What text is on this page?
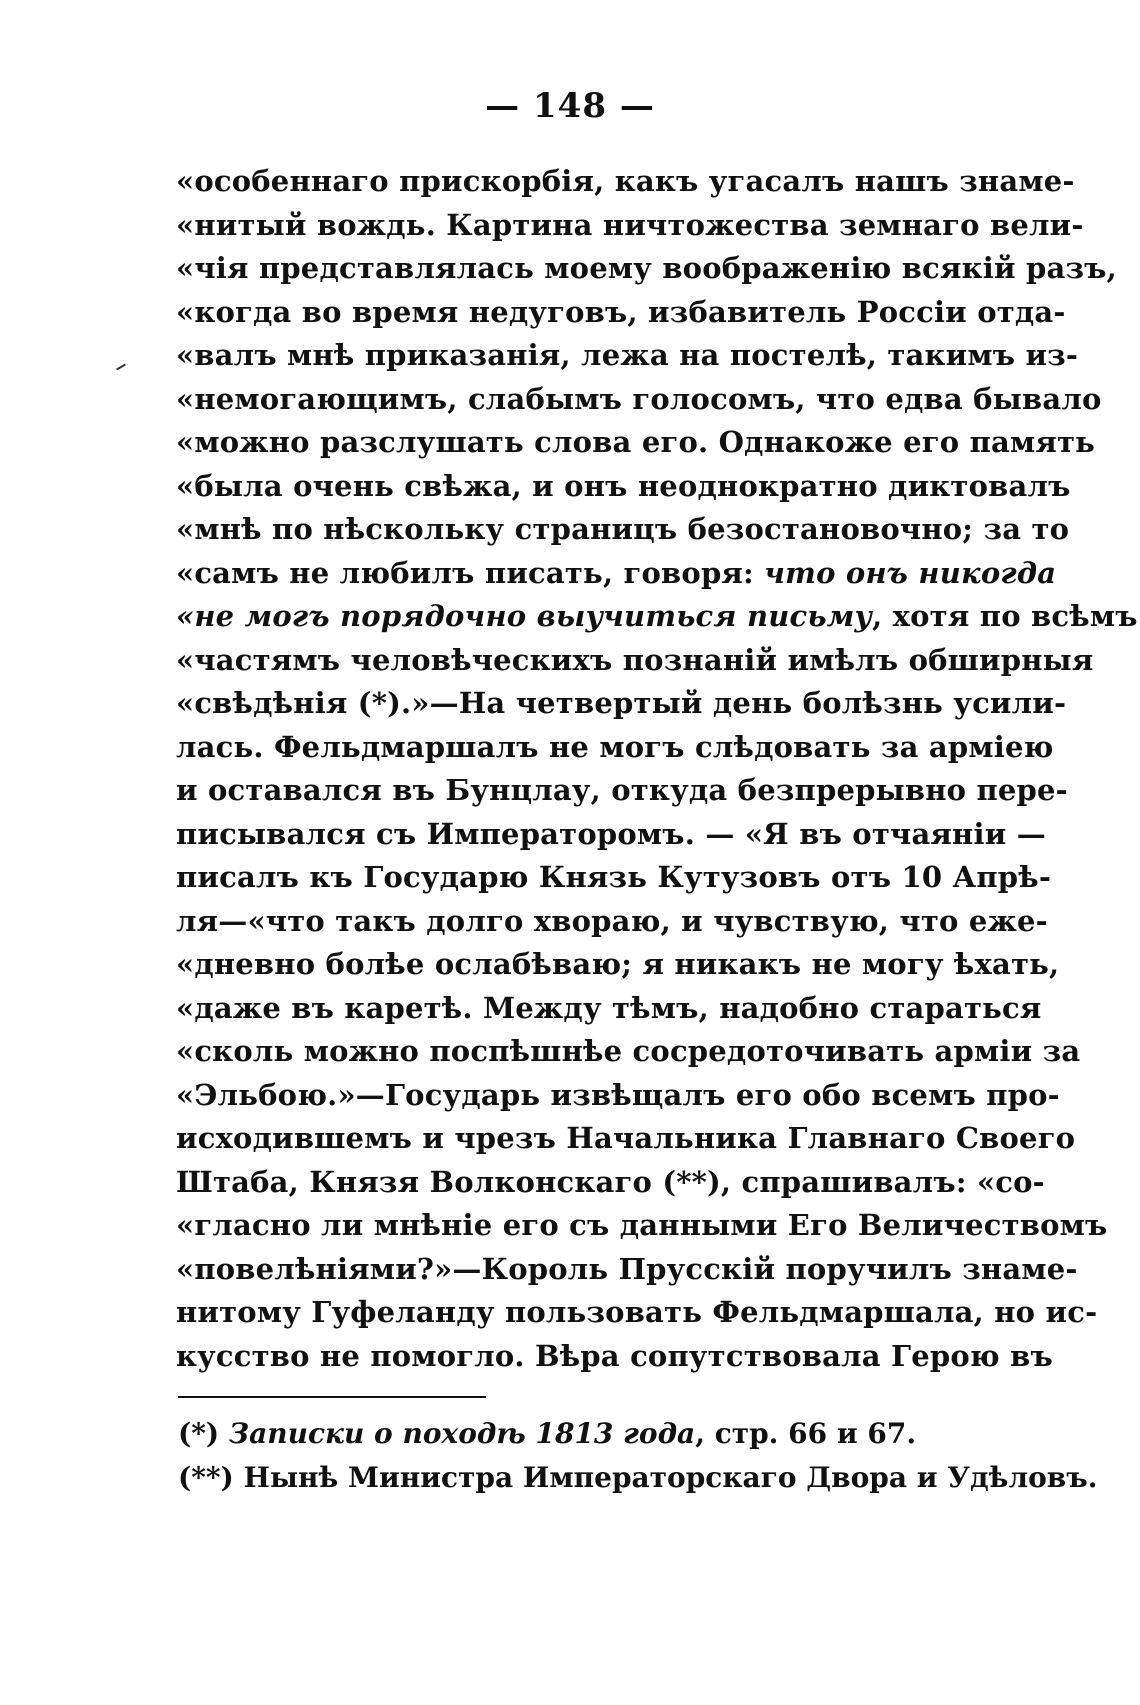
— 148 —
«особеннаго прискорбія, какъ угасалъ нашъ знаме-
«нитый вождь. Картина ничтожества земнаго вели-
«чія представлялась моему воображенію всякій разъ,
«когда во время недуговъ, избавитель Россіи отда-
«валъ мнѣ приказанія, лежа на постелѣ, такимъ из-
«немогающимъ, слабымъ голосомъ, что едва бывало
«можно разслушать слова его. Однакоже его память
«была очень свѣжа, и онъ неоднократно диктовалъ
«мнѣ по нѣскольку страницъ безостановочно; за то
«самъ не любилъ писать, говоря: что онъ никогда
«не могъ порядочно выучиться письму, хотя по всѣмъ
«частямъ человѣческихъ познаній имѣлъ обширныя
«свѣдѣнія (*).»—На четвертый день болѣзнь усили-
лась. Фельдмаршалъ не могъ слѣдовать за арміею
и оставался въ Бунцлау, откуда безпрерывно пере-
писывался съ Императоромъ. — «Я въ отчаяніи —
писалъ къ Государю Князь Кутузовъ отъ 10 Апрѣ-
ля—«что такъ долго хвораю, и чувствую, что еже-
«дневно болѣе ослабѣваю; я никакъ не могу ѣхать,
«даже въ каретѣ. Между тѣмъ, надобно стараться
«сколь можно поспѣшнѣе сосредоточивать арміи за
«Эльбою.»—Государь извѣщалъ его обо всемъ про-
исходившемъ и чрезъ Начальника Главнаго Своего
Штаба, Князя Волконскаго (**), спрашивалъ: «со-
«гласно ли мнѣніе его съ данными Его Величествомъ
«повелѣніями?»—Король Прусскій поручилъ знаме-
нитому Гуфеланду пользовать Фельдмаршала, но ис-
кусство не помогло. Вѣра сопутствовала Герою въ
(*) Записки о походѣ 1813 года, стр. 66 и 67.
(**) Нынѣ Министра Императорскаго Двора и Удѣловъ.
